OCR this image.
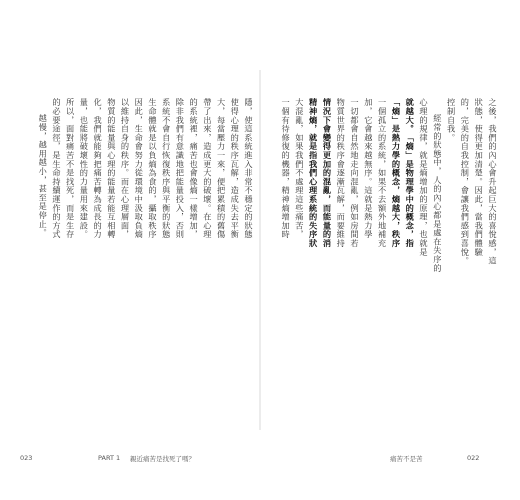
隱，使這系統進入非常不穩定的狀態
使得心理的秩序瓦解，造成失去平衡
大，每當壓力一來，便把累積的舊傷
帶了出來，造成更大的破壞。在心理
的系統裡，痛苦也會像熵一樣增加，
除非我們有意識地把能量投入，否則
系統不會自行恢復秩序與平衡的狀態
生命體就是以負熵為食的，攝取秩序
因此，生命會努力從環境中汲取負熵
以維持自身的秩序。而在心理層面，
物質的能量與心理的能量若能互相轉
化，我們就能夠把痛苦轉為成長的力
量，也能將破壞性的力量用來建設。
所以，面對痛苦不是找死，而是生存
的必要途徑，是生命持續運作的方式
越慢，越用越小，甚至是停止。
023	PART 1 親近痛苦是找死了嗎？
之後，我們的內心會升起巨大的喜悅感，這
狀態，使得更加清楚。因此，當我們體驗
的，完美的自我控制，會讓我們感到喜悅。
控制自我。
經常的狀態中，人的內心都是處在失序的
心理的規律，就是熵增加的原理，也就是
就越大。「熵」是物理學中的概念，指
「熵」是熱力學的概念，熵越大，秩序
一個孤立的系統，如果不去額外地補充
加，它會越來越無序。這就是熱力學
一切都會自然地走向混亂，例如房間若
物質世界的秩序會逐漸瓦解，而要維持
情況下會變得更加的混亂，而能量的消
精神熵，就是指我們心理系統的失序狀
大混亂，如果我們不處理這些痛苦，
一個有待修復的機器，精神熵增加時
痛苦不是苦	022
